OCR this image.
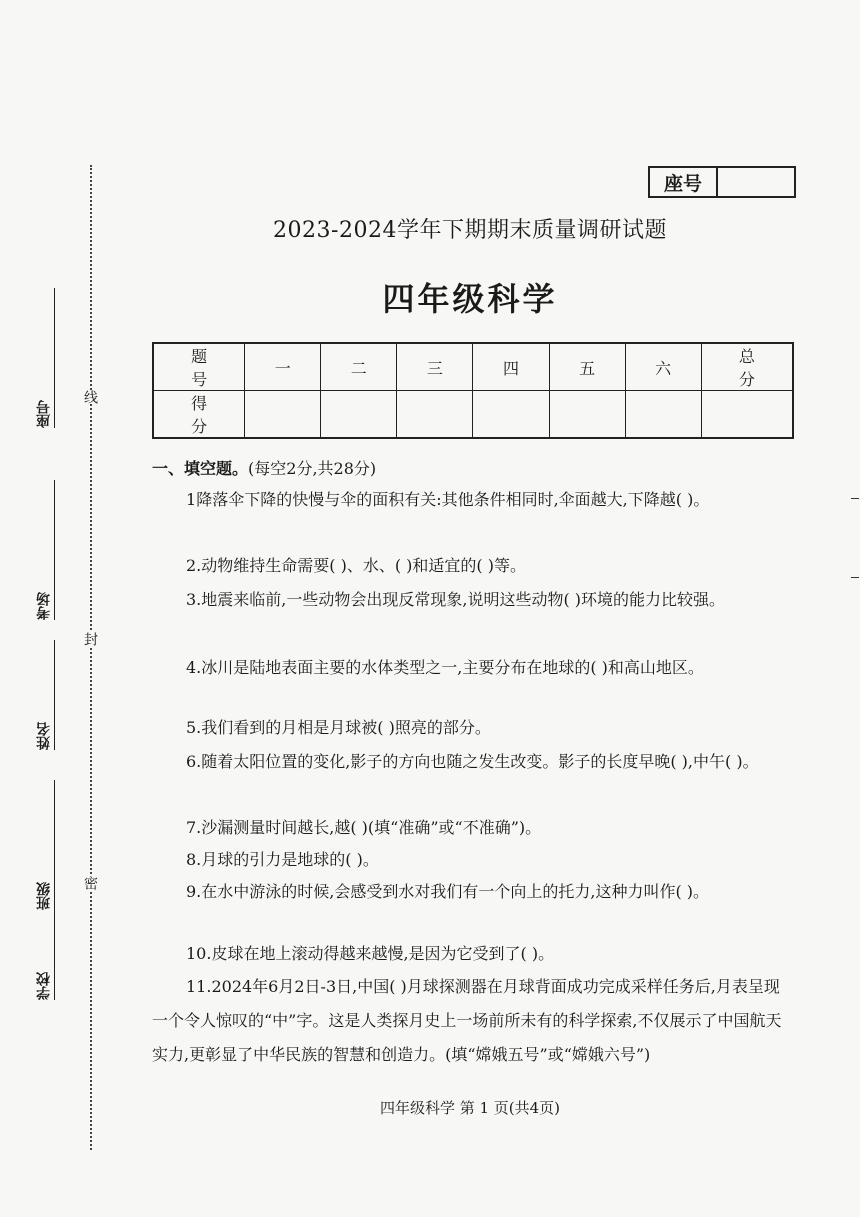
线
封
密
座号
考场
姓名
班级
学校
座号
2023-2024学年下期期末质量调研试题
四年级科学
题 号	一	二	三	四	五	六	总 分
得 分							
一、填空题。(每空2分,共28分)
1降落伞下降的快慢与伞的面积有关:其他条件相同时,伞面越大,下降越( )。
2.动物维持生命需要( )、水、( )和适宜的( )等。
3.地震来临前,一些动物会出现反常现象,说明这些动物( )环境的能力比较强。
4.冰川是陆地表面主要的水体类型之一,主要分布在地球的( )和高山地区。
5.我们看到的月相是月球被( )照亮的部分。
6.随着太阳位置的变化,影子的方向也随之发生改变。影子的长度早晚( ),中午( )。
7.沙漏测量时间越长,越( )(填“准确”或“不准确”)。
8.月球的引力是地球的( )。
9.在水中游泳的时候,会感受到水对我们有一个向上的托力,这种力叫作( )。
10.皮球在地上滚动得越来越慢,是因为它受到了( )。
11.2024年6月2日-3日,中国( )月球探测器在月球背面成功完成采样任务后,月表呈现一个令人惊叹的“中”字。这是人类探月史上一场前所未有的科学探索,不仅展示了中国航天实力,更彰显了中华民族的智慧和创造力。(填“嫦娥五号”或“嫦娥六号”)
四年级科学 第 1 页(共4页)
